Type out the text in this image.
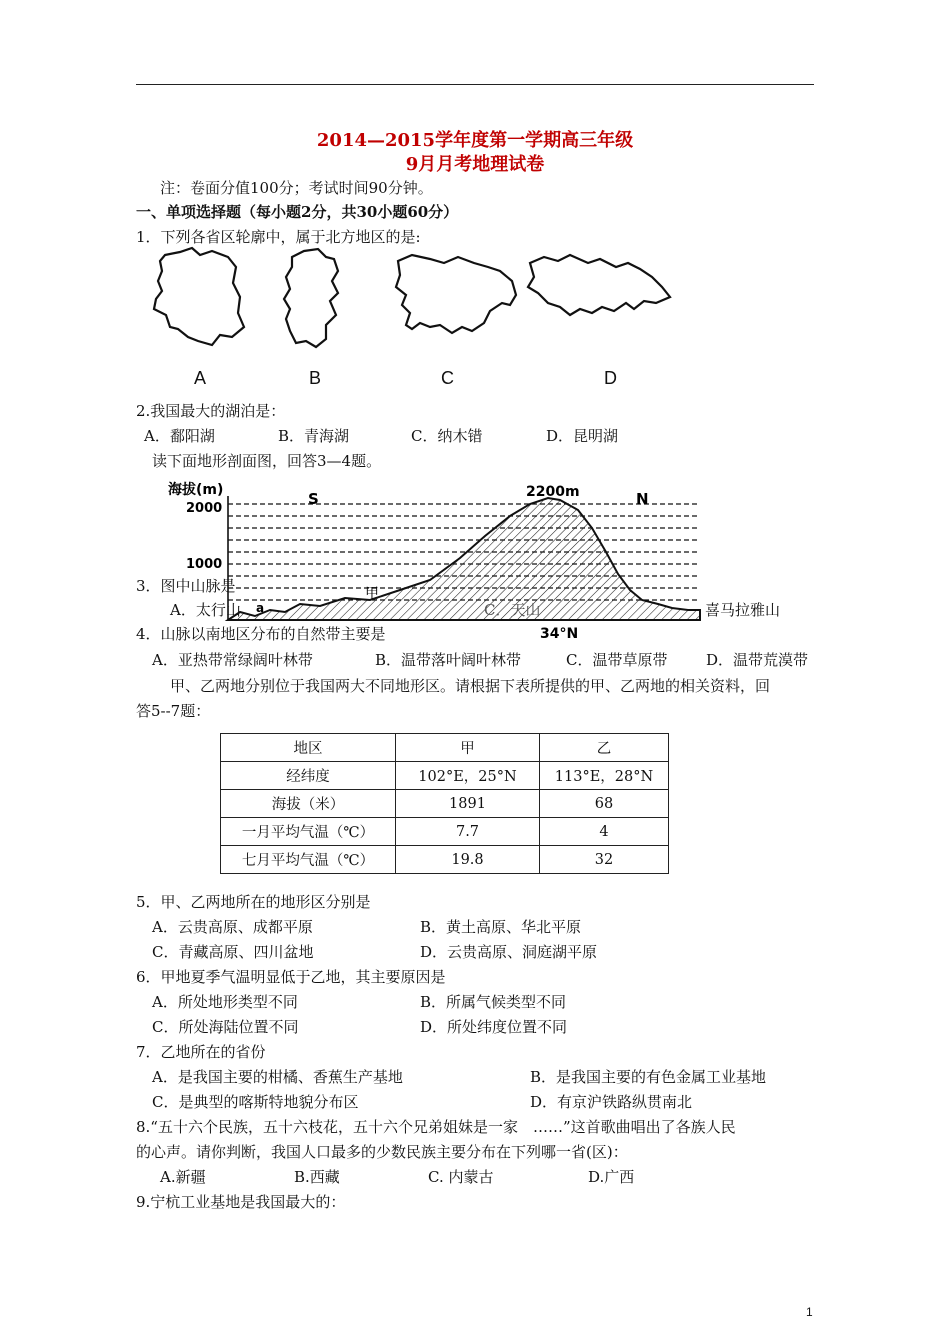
2014—2015学年度第一学期高三年级
9月月考地理试卷
注：卷面分值100分；考试时间90分钟。
一、单项选择题（每小题2分，共30小题60分）
1．下列各省区轮廓中，属于北方地区的是:
A	B	C	D
2.我国最大的湖泊是：
A．鄱阳湖	B．青海湖	C．纳木错	D．昆明湖
读下面地形剖面图，回答3—4题。
海拔(m)
2000
1000
S	N
2200m
34°N
甲
a
3．图中山脉是
A．太行山	C．天山	喜马拉雅山
4．山脉以南地区分布的自然带主要是
A．亚热带常绿阔叶林带	B．温带落叶阔叶林带	C．温带草原带	D．温带荒漠带
甲、乙两地分别位于我国两大不同地形区。请根据下表所提供的甲、乙两地的相关资料，回
答5--7题：
地区	甲	乙
经纬度	102°E，25°N	113°E，28°N
海拔（米）	1891	68
一月平均气温（℃）	7.7	4
七月平均气温（℃）	19.8	32
5．甲、乙两地所在的地形区分别是
A．云贵高原、成都平原	B．黄土高原、华北平原
C．青藏高原、四川盆地	D．云贵高原、洞庭湖平原
6．甲地夏季气温明显低于乙地，其主要原因是
A．所处地形类型不同	B．所属气候类型不同
C．所处海陆位置不同	D．所处纬度位置不同
7．乙地所在的省份
A．是我国主要的柑橘、香蕉生产基地	B．是我国主要的有色金属工业基地
C．是典型的喀斯特地貌分布区	D．有京沪铁路纵贯南北
8.“五十六个民族，五十六枝花，五十六个兄弟姐妹是一家　……”这首歌曲唱出了各族人民
的心声。请你判断，我国人口最多的少数民族主要分布在下列哪一省(区)：
A.新疆	B.西藏	C. 内蒙古	D.广西
9.宁杭工业基地是我国最大的：
1
